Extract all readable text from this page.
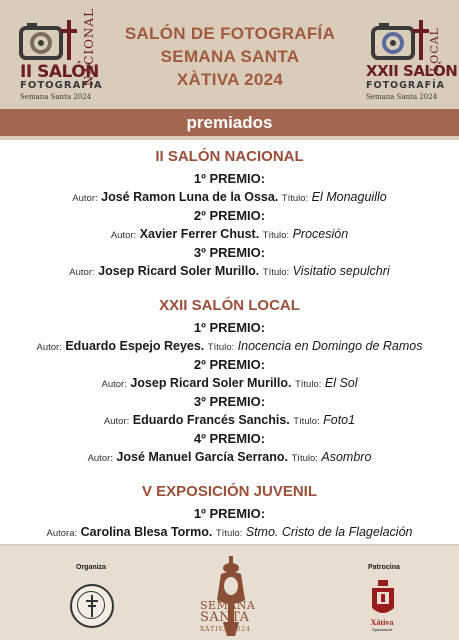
II SALÓN
FOTOGRAFÍA
Semana Santa 2024
NACIONAL	SALÓN DE FOTOGRAFÍA
SEMANA SANTA
XÀTIVA 2024	XXII SALÓN
FOTOGRAFÍA
Semana Santa 2024
LOCAL
premiados
II SALÓN NACIONAL
1º PREMIO:
Autor: José Ramon Luna de la Ossa. Título: El Monaguillo
2º PREMIO:
Autor: Xavier Ferrer Chust. Título: Procesión
3º PREMIO:
Autor: Josep Ricard Soler Murillo. Título: Visitatio sepulchri
XXII SALÓN LOCAL
1º PREMIO:
Autor: Eduardo Espejo Reyes. Título: Inocencia en Domingo de Ramos
2º PREMIO:
Autor: Josep Ricard Soler Murillo. Título: El Sol
3º PREMIO:
Autor: Eduardo Francés Sanchis. Título: Foto1
4º PREMIO:
Autor: José Manuel García Serrano. Título: Asombro
V EXPOSICIÓN JUVENIL
1º PREMIO:
Autora: Carolina Blesa Tormo. Título: Stmo. Cristo de la Flagelación
Organiza	Patrocina
SEMANA
SANTA
XÀTIVA 2024
Xàtiva
Ajuntament
